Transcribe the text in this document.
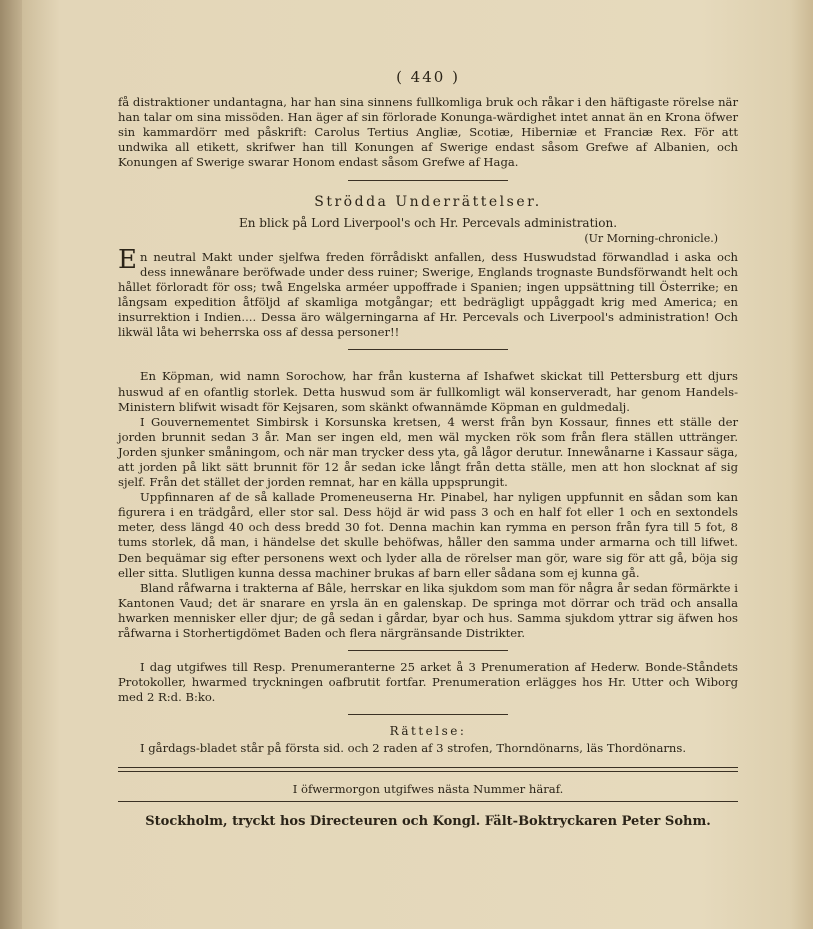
( 440 )

få distraktioner undantagna, har han sina sinnens fullkomliga bruk och råkar i den häftigaste rörelse när han talar om sina missöden. Han äger af sin förlorade Konunga-wärdighet intet annat än en Krona öfwer sin kammardörr med påskrift: Carolus Tertius Angliæ, Scotiæ, Hiberniæ et Franciæ Rex. För att undwika all etikett, skrifwer han till Konungen af Swerige endast såsom Grefwe af Albanien, och Konungen af Swerige swarar Honom endast såsom Grefwe af Haga.

Strödda Underrättelser.
En blick på Lord Liverpool's och Hr. Percevals administration.
(Ur Morning-chronicle.)

En neutral Makt under sjelfwa freden förrådiskt anfallen, dess Huswudstad förwandlad i aska och dess innewånare beröfwade under dess ruiner; Swerige, Englands trognaste Bundsförwandt helt och hållet förloradt för oss; twå Engelska arméer uppoffrade i Spanien; ingen uppsättning till Österrike; en långsam expedition åtföljd af skamliga motgångar; ett bedrägligt uppåggadt krig med America; en insurrektion i Indien.... Dessa äro wälgerningarna af Hr. Percevals och Liverpool's administration! Och likwäl låta wi beherrska oss af dessa personer!!

En Köpman, wid namn Sorochow, har från kusterna af Ishafwet skickat till Pettersburg ett djurs huswud af en ofantlig storlek. Detta huswud som är fullkomligt wäl konserveradt, har genom Handels-Ministern blifwit wisadt för Kejsaren, som skänkt ofwannämde Köpman en guldmedalj.

I Gouvernementet Simbirsk i Korsunska kretsen, 4 werst från byn Kossaur, finnes ett ställe der jorden brunnit sedan 3 år. Man ser ingen eld, men wäl mycken rök som från flera ställen uttränger. Jorden sjunker småningom, och när man trycker dess yta, gå lågor derutur. Innewånarne i Kassaur säga, att jorden på likt sätt brunnit för 12 år sedan icke långt från detta ställe, men att hon slocknat af sig sjelf. Från det stället der jorden remnat, har en källa uppsprungit.

Uppfinnaren af de så kallade Promeneuserna Hr. Pinabel, har nyligen uppfunnit en sådan som kan figurera i en trädgård, eller stor sal. Dess höjd är wid pass 3 och en half fot eller 1 och en sextondels meter, dess längd 40 och dess bredd 30 fot. Denna machin kan rymma en person från fyra till 5 fot, 8 tums storlek, då man, i händelse det skulle behöfwas, håller den samma under armarna och till lifwet. Den bequämar sig efter personens wext och lyder alla de rörelser man gör, ware sig för att gå, böja sig eller sitta. Slutligen kunna dessa machiner brukas af barn eller sådana som ej kunna gå.

Bland råfwarna i trakterna af Bâle, herrskar en lika sjukdom som man för några år sedan förmärkte i Kantonen Vaud; det är snarare en yrsla än en galenskap. De springa mot dörrar och träd och ansalla hwarken mennisker eller djur; de gå sedan i gårdar, byar och hus. Samma sjukdom yttrar sig äfwen hos råfwarna i Storhertigdömet Baden och flera närgränsande Distrikter.

I dag utgifwes till Resp. Prenumeranterne 25 arket å 3 Prenumeration af Hederw. Bonde-Ståndets Protokoller, hwarmed tryckningen oafbrutit fortfar. Prenumeration erlägges hos Hr. Utter och Wiborg med 2 R:d. B:ko.

Rättelse:

I gårdags-bladet står på första sid. och 2 raden af 3 strofen, Thorndönarns, läs Thordönarns.

I öfwermorgon utgifwes nästa Nummer häraf.
Stockholm, tryckt hos Directeuren och Kongl. Fält-Boktryckaren Peter Sohm.
